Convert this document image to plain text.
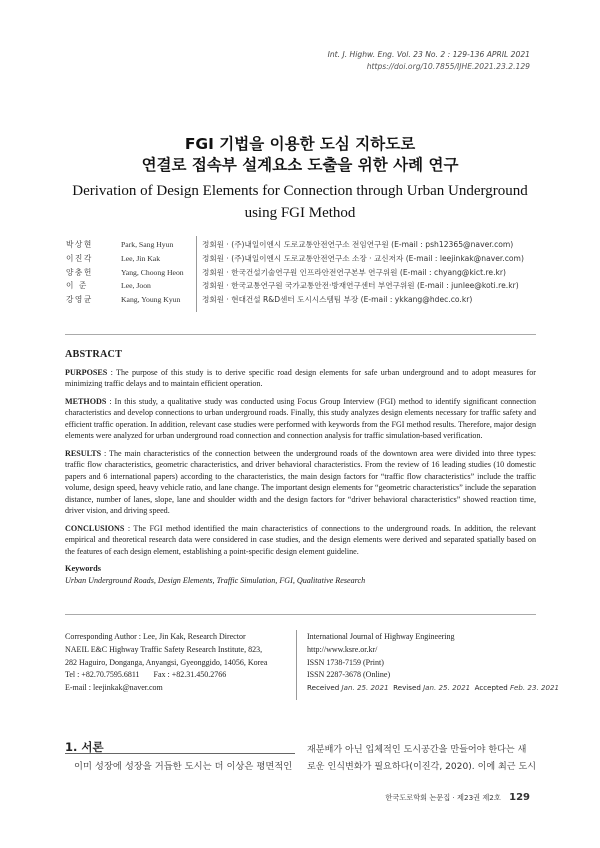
Int. J. Highw. Eng. Vol. 23 No. 2 : 129-136 APRIL 2021
https://doi.org/10.7855/IJHE.2021.23.2.129
FGI 기법을 이용한 도심 지하도로
연결로 접속부 설계요소 도출을 위한 사례 연구
Derivation of Design Elements for Connection through Urban Underground
using FGI Method
박상현	Park, Sang Hyun	정회원 · (주)내일이엔시 도로교통안전연구소 전임연구원 (E-mail : psh12365@naver.com)
이진각	Lee, Jin Kak	정회원 · (주)내일이엔시 도로교통안전연구소 소장 · 교신저자 (E-mail : leejinkak@naver.com)
양충헌	Yang, Choong Heon 정회원 · 한국건설기술연구원 인프라안전연구본부 연구위원 (E-mail : chyang@kict.re.kr)
이 준	Lee, Joon	정회원 · 한국교통연구원 국가교통안전·방재연구센터 부연구위원 (E-mail : junlee@koti.re.kr)
강영균	Kang, Young Kyun	정회원 · 현대건설 R&D센터 도시시스템팀 부장 (E-mail : ykkang@hdec.co.kr)
ABSTRACT

PURPOSES : The purpose of this study is to derive specific road design elements for safe urban underground and to adopt measures for minimizing traffic delays and to maintain efficient operation.

METHODS : In this study, a qualitative study was conducted using Focus Group Interview (FGI) method to identify significant connection characteristics and develop connections to urban underground roads. Finally, this study analyzes design elements necessary for traffic safety and efficient traffic operation. In addition, relevant case studies were performed with keywords from the FGI method results. Therefore, major design elements were analyzed for urban underground road connection and connection analysis for traffic simulation-based verification.

RESULTS : The main characteristics of the connection between the underground roads of the downtown area were divided into three types: traffic flow characteristics, geometric characteristics, and driver behavioral characteristics. From the review of 16 leading studies (10 domestic papers and 6 international papers) according to the characteristics, the main design factors for “traffic flow characteristics” include the traffic volume, design speed, heavy vehicle ratio, and lane change. The important design elements for “geometric characteristics” include the separation distance, number of lanes, slope, lane and shoulder width and the design factors for “driver behavioral characteristics” showed reaction time, driver vision, and driving speed.

CONCLUSIONS : The FGI method identified the main characteristics of connections to the underground roads. In addition, the relevant empirical and theoretical research data were considered in case studies, and the design elements were derived and separated spatially based on the features of each design element, establishing a point-specific design element guideline.

Keywords
Urban Underground Roads, Design Elements, Traffic Simulation, FGI, Qualitative Research
Corresponding Author : Lee, Jin Kak, Research Director
NAEIL E&C Highway Traffic Safety Research Institute, 823,
282 Haguiro, Donganga, Anyangsi, Gyeonggido, 14056, Korea
Tel : +82.70.7595.6811       Fax : +82.31.450.2766
E-mail : leejinkak@naver.com
International Journal of Highway Engineering
http://www.ksre.or.kr/
ISSN 1738-7159 (Print)
ISSN 2287-3678 (Online)
Received Jan. 25. 2021 Revised Jan. 25. 2021 Accepted Feb. 23. 2021
1. 서론
이미 성장에 성장을 거듭한 도시는 더 이상은 평면적인
재분배가 아닌 입체적인 도시공간을 만들어야 한다는 새
로운 인식변화가 필요하다(이진각, 2020). 이에 최근 도시
한국도로학회 논문집 · 제23권 제2호 129
